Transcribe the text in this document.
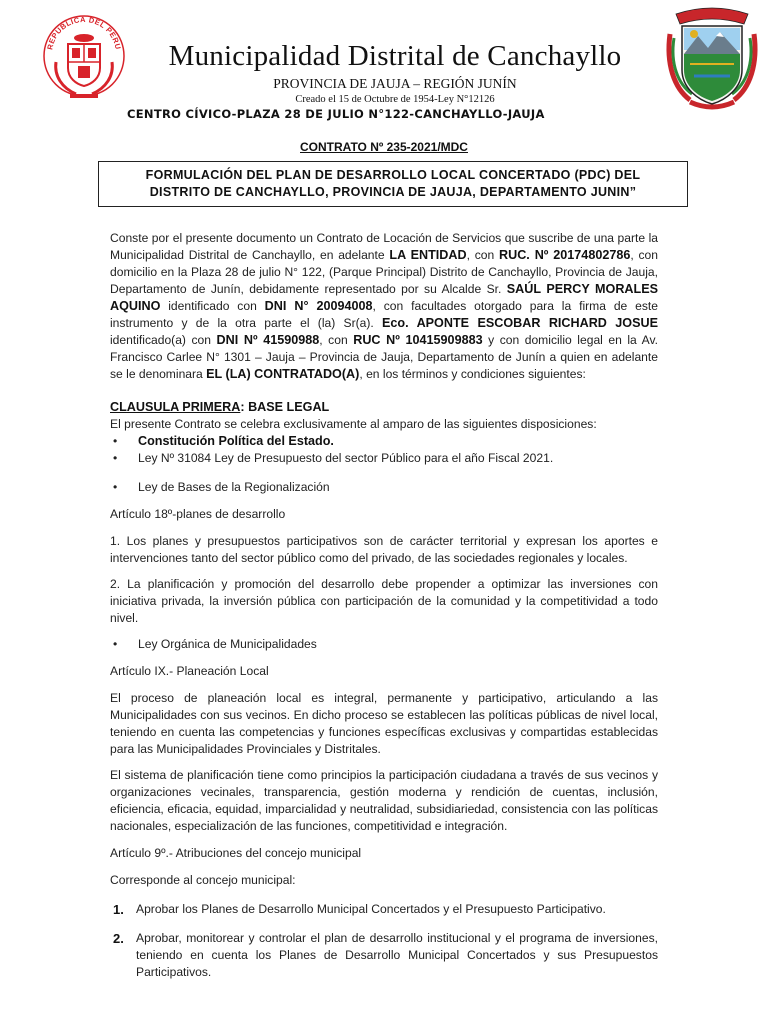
REPUBLICA DEL PERU	Municipalidad Distrital de Canchayllo
PROVINCIA DE JAUJA – REGIÓN JUNÍN
Creado el 15 de Octubre de 1954-Ley N°12126
CENTRO CÍVICO-PLAZA 28 DE JULIO N°122-CANCHAYLLO-JAUJA
CONTRATO Nº 235-2021/MDC
FORMULACIÓN DEL PLAN DE DESARROLLO LOCAL CONCERTADO (PDC) DEL
DISTRITO DE CANCHAYLLO, PROVINCIA DE JAUJA, DEPARTAMENTO JUNIN”

Conste por el presente documento un Contrato de Locación de Servicios que suscribe de una parte la Municipalidad Distrital de Canchayllo, en adelante LA ENTIDAD, con RUC. Nº 20174802786, con domicilio en la Plaza 28 de julio N° 122, (Parque Principal) Distrito de Canchayllo, Provincia de Jauja, Departamento de Junín, debidamente representado por su Alcalde Sr. SAÚL PERCY MORALES AQUINO identificado con DNI N° 20094008, con facultades otorgado para la firma de este instrumento y de la otra parte el (la) Sr(a). Eco. APONTE ESCOBAR RICHARD JOSUE identificado(a) con DNI Nº 41590988, con RUC Nº 10415909883 y con domicilio legal en la Av. Francisco Carlee N° 1301 – Jauja – Provincia de Jauja, Departamento de Junín a quien en adelante se le denominara EL (LA) CONTRATADO(A), en los términos y condiciones siguientes:

CLAUSULA PRIMERA: BASE LEGAL

El presente Contrato se celebra exclusivamente al amparo de las siguientes disposiciones:

• Constitución Política del Estado.
• Ley Nº 31084 Ley de Presupuesto del sector Público para el año Fiscal 2021.
• Ley de Bases de la Regionalización

Artículo 18º-planes de desarrollo

1. Los planes y presupuestos participativos son de carácter territorial y expresan los aportes e intervenciones tanto del sector público como del privado, de las sociedades regionales y locales.

2. La planificación y promoción del desarrollo debe propender a optimizar las inversiones con iniciativa privada, la inversión pública con participación de la comunidad y la competitividad a todo nivel.

• Ley Orgánica de Municipalidades

Artículo IX.- Planeación Local

El proceso de planeación local es integral, permanente y participativo, articulando a las Municipalidades con sus vecinos. En dicho proceso se establecen las políticas públicas de nivel local, teniendo en cuenta las competencias y funciones específicas exclusivas y compartidas establecidas para las Municipalidades Provinciales y Distritales.

El sistema de planificación tiene como principios la participación ciudadana a través de sus vecinos y organizaciones vecinales, transparencia, gestión moderna y rendición de cuentas, inclusión, eficiencia, eficacia, equidad, imparcialidad y neutralidad, subsidiariedad, consistencia con las políticas nacionales, especialización de las funciones, competitividad e integración.

Artículo 9º.- Atribuciones del concejo municipal

Corresponde al concejo municipal:

1. Aprobar los Planes de Desarrollo Municipal Concertados y el Presupuesto Participativo.
2. Aprobar, monitorear y controlar el plan de desarrollo institucional y el programa de inversiones, teniendo en cuenta los Planes de Desarrollo Municipal Concertados y sus Presupuestos Participativos.
